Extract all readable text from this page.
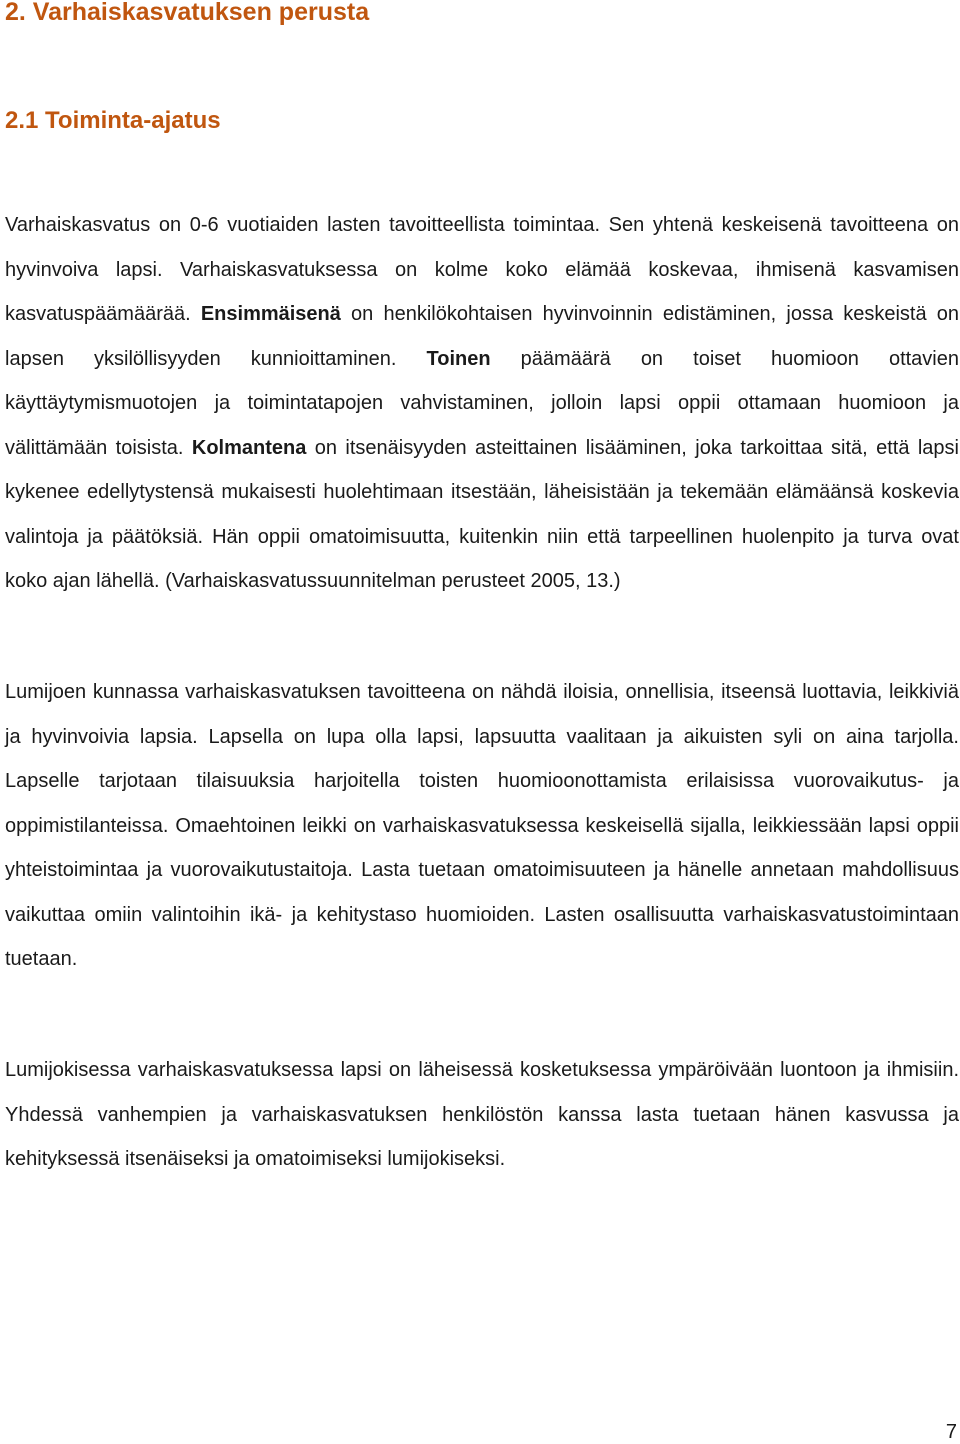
2. Varhaiskasvatuksen perusta
2.1 Toiminta-ajatus

Varhaiskasvatus on 0-6 vuotiaiden lasten tavoitteellista toimintaa. Sen yhtenä keskeisenä tavoitteena on hyvinvoiva lapsi. Varhaiskasvatuksessa on kolme koko elämää koskevaa, ihmisenä kasvamisen kasvatuspäämäärää. Ensimmäisenä on henkilökohtaisen hyvinvoinnin edistäminen, jossa keskeistä on lapsen yksilöllisyyden kunnioittaminen. Toinen päämäärä on toiset huomioon ottavien käyttäytymismuotojen ja toimintatapojen vahvistaminen, jolloin lapsi oppii ottamaan huomioon ja välittämään toisista. Kolmantena on itsenäisyyden asteittainen lisääminen, joka tarkoittaa sitä, että lapsi kykenee edellytystensä mukaisesti huolehtimaan itsestään, läheisistään ja tekemään elämäänsä koskevia valintoja ja päätöksiä. Hän oppii omatoimisuutta, kuitenkin niin että tarpeellinen huolenpito ja turva ovat koko ajan lähellä. (Varhaiskasvatussuunnitelman perusteet 2005, 13.)

Lumijoen kunnassa varhaiskasvatuksen tavoitteena on nähdä iloisia, onnellisia, itseensä luottavia, leikkiviä ja hyvinvoivia lapsia. Lapsella on lupa olla lapsi, lapsuutta vaalitaan ja aikuisten syli on aina tarjolla. Lapselle tarjotaan tilaisuuksia harjoitella toisten huomioonottamista erilaisissa vuorovaikutus- ja oppimistilanteissa. Omaehtoinen leikki on varhaiskasvatuksessa keskeisellä sijalla, leikkiessään lapsi oppii yhteistoimintaa ja vuorovaikutustaitoja. Lasta tuetaan omatoimisuuteen ja hänelle annetaan mahdollisuus vaikuttaa omiin valintoihin ikä- ja kehitystaso huomioiden. Lasten osallisuutta varhaiskasvatustoimintaan tuetaan.

Lumijokisessa varhaiskasvatuksessa lapsi on läheisessä kosketuksessa ympäröivään luontoon ja ihmisiin. Yhdessä vanhempien ja varhaiskasvatuksen henkilöstön kanssa lasta tuetaan hänen kasvussa ja kehityksessä itsenäiseksi ja omatoimiseksi lumijokiseksi.

7
